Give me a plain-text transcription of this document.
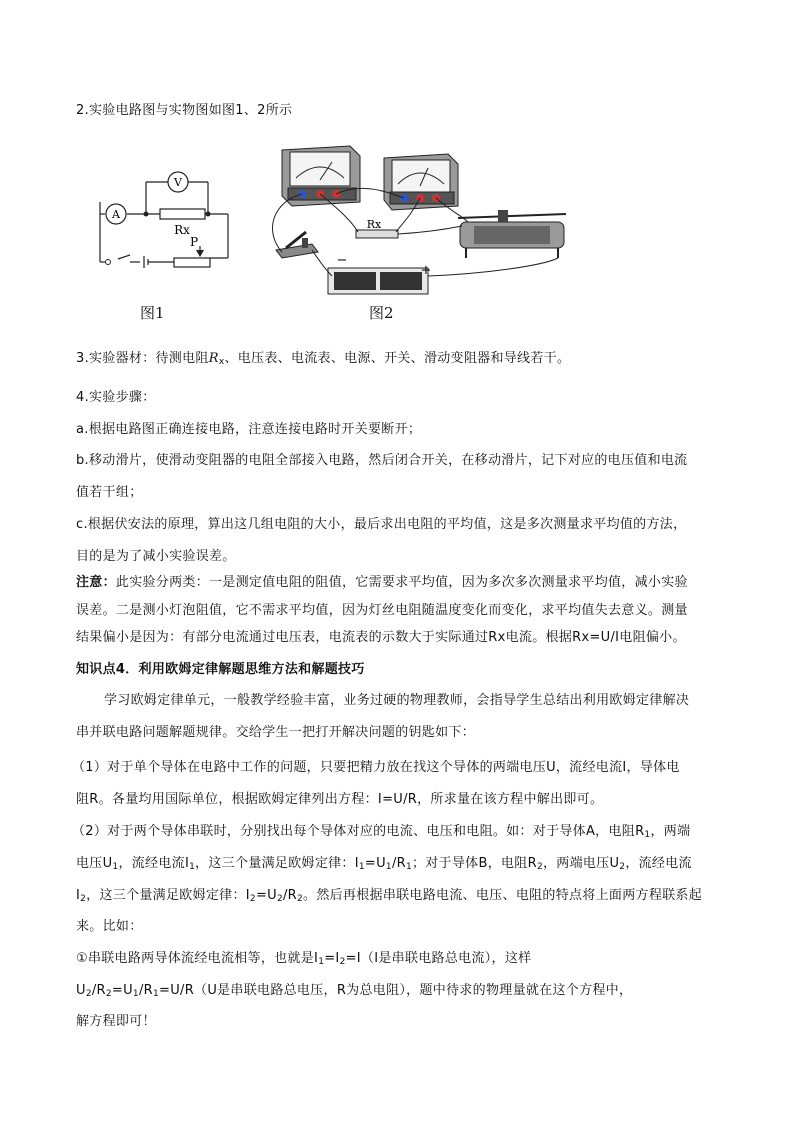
2.实验电路图与实物图如图1、2所示
A
V
Rx
P
图1
Rx
−
+
图2
3.实验器材：待测电阻$R_x$、电压表、电流表、电源、开关、滑动变阻器和导线若干。
4.实验步骤：
a.根据电路图正确连接电路，注意连接电路时开关要断开；
b.移动滑片，使滑动变阻器的电阻全部接入电路，然后闭合开关，在移动滑片，记下对应的电压值和电流
值若干组；
c.根据伏安法的原理，算出这几组电阻的大小，最后求出电阻的平均值，这是多次测量求平均值的方法，
目的是为了减小实验误差。
注意：此实验分两类：一是测定值电阻的阻值，它需要求平均值，因为多次多次测量求平均值，减小实验
误差。二是测小灯泡阻值，它不需求平均值，因为灯丝电阻随温度变化而变化，求平均值失去意义。测量
结果偏小是因为：有部分电流通过电压表，电流表的示数大于实际通过Rx电流。根据Rx=U/I电阻偏小。
知识点4．利用欧姆定律解题思维方法和解题技巧
学习欧姆定律单元，一般教学经验丰富，业务过硬的物理教师，会指导学生总结出利用欧姆定律解决
串并联电路问题解题规律。交给学生一把打开解决问题的钥匙如下：
（1）对于单个导体在电路中工作的问题，只要把精力放在找这个导体的两端电压U，流经电流I，导体电
阻R。各量均用国际单位，根据欧姆定律列出方程：I=U/R，所求量在该方程中解出即可。
（2）对于两个导体串联时，分别找出每个导体对应的电流、电压和电阻。如：对于导体A，电阻$R_1$，两端
电压$U_1$，流经电流$I_1$，这三个量满足欧姆定律：$I_1=U_1/R_1$；对于导体B，电阻$R_2$，两端电压$U_2$，流经电流
$I_2$，这三个量满足欧姆定律：$I_2=U_2/R_2$。然后再根据串联电路电流、电压、电阻的特点将上面两方程联系起
来。比如：
①串联电路两导体流经电流相等，也就是$I_1=I_2=I(I$是串联电路总电流），这样
$U_2/R_2=U_1/R_1=U/R(U$是串联电路总电压，R为总电阻），题中待求的物理量就在这个方程中，
解方程即可！
